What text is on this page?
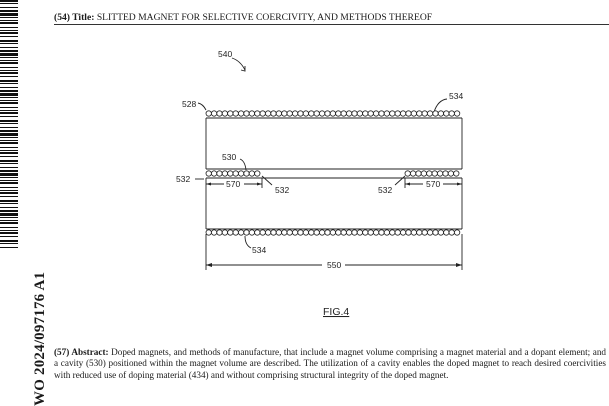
WO 2024/097176 A1
(54) Title: SLITTED MAGNET FOR SELECTIVE COERCIVITY, AND METHODS THEREOF
540
528
534
530
532	570
532	532
570
534
550
FIG.4
(57) Abstract: Doped magnets, and methods of manufacture, that include a magnet volume comprising a magnet material and a dopant element; and a cavity (530) positioned within the magnet volume are described. The utilization of a cavity enables the doped magnet to reach desired coercivities with reduced use of doping material (434) and without comprising structural integrity of the doped magnet.
